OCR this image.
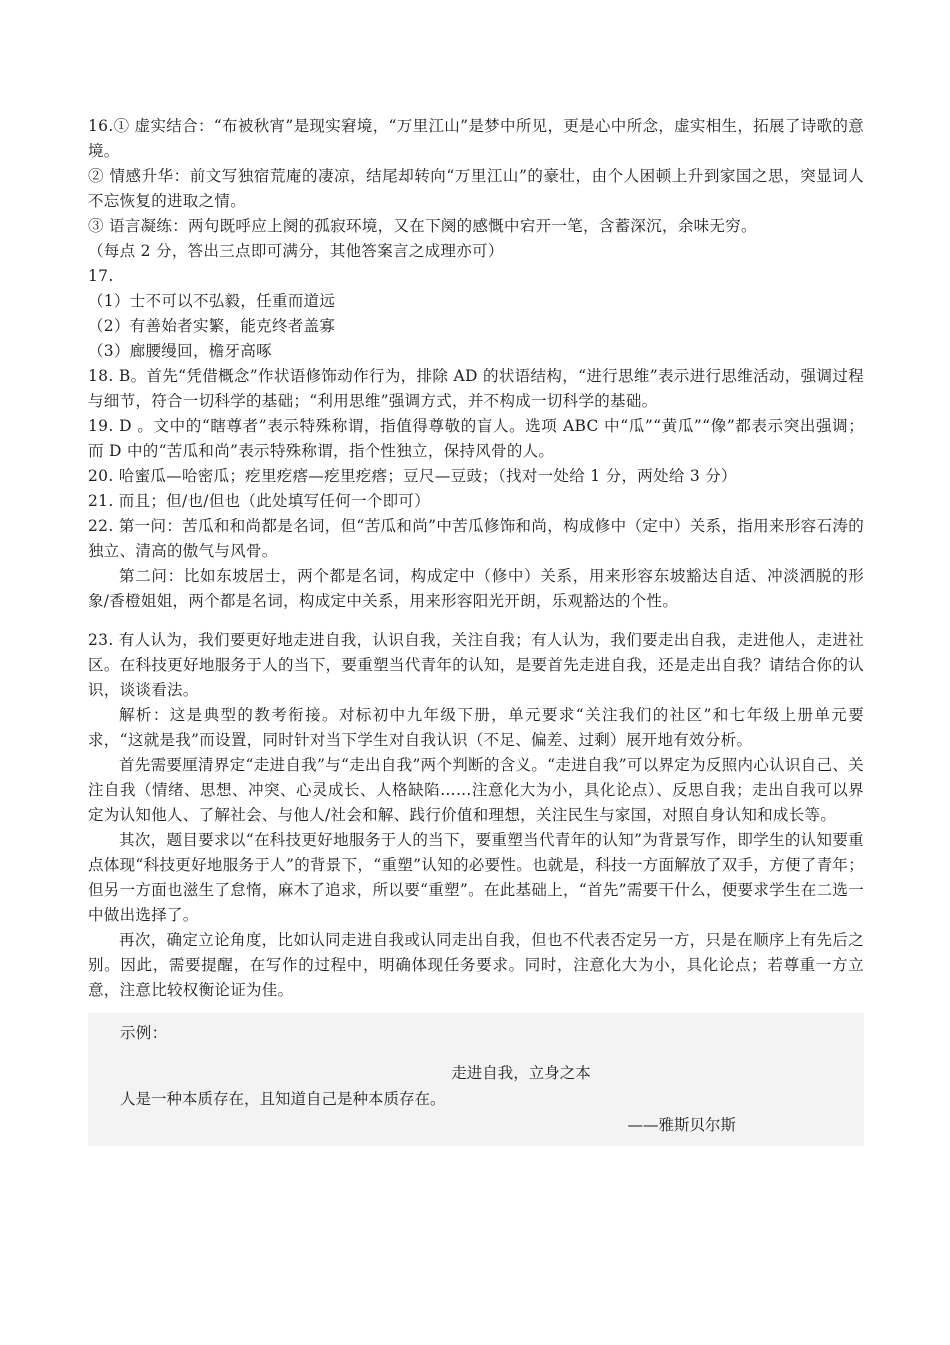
16.① 虚实结合：“布被秋宵”是现实窘境，“万里江山”是梦中所见，更是心中所念，虚实相生，拓展了诗歌的意境。

② 情感升华：前文写独宿荒庵的凄凉，结尾却转向“万里江山”的豪壮，由个人困顿上升到家国之思，突显词人不忘恢复的进取之情。

③ 语言凝练：两句既呼应上阕的孤寂环境，又在下阕的感慨中宕开一笔，含蓄深沉，余味无穷。

（每点 2 分，答出三点即可满分，其他答案言之成理亦可）

17.

（1）士不可以不弘毅，任重而道远

（2）有善始者实繁，能克终者盖寡

（3）廊腰缦回，檐牙高啄

18. B。首先“凭借概念”作状语修饰动作行为，排除 AD 的状语结构，“进行思维”表示进行思维活动，强调过程与细节，符合一切科学的基础；“利用思维”强调方式，并不构成一切科学的基础。

19. D 。文中的“瞎尊者”表示特殊称谓，指值得尊敬的盲人。选项 ABC 中“瓜”“黄瓜”“像”都表示突出强调；而 D 中的“苦瓜和尚”表示特殊称谓，指个性独立，保持风骨的人。

20. 哈蜜瓜—哈密瓜；疙里疙瘩—疙里疙瘩；豆尺—豆豉；（找对一处给 1 分，两处给 3 分）

21. 而且；但/也/但也（此处填写任何一个即可）

22. 第一问：苦瓜和和尚都是名词，但“苦瓜和尚”中苦瓜修饰和尚，构成修中（定中）关系，指用来形容石涛的独立、清高的傲气与风骨。

第二问：比如东坡居士，两个都是名词，构成定中（修中）关系，用来形容东坡豁达自适、冲淡洒脱的形象/香橙姐姐，两个都是名词，构成定中关系，用来形容阳光开朗，乐观豁达的个性。

23. 有人认为，我们要更好地走进自我，认识自我，关注自我；有人认为，我们要走出自我，走进他人，走进社区。在科技更好地服务于人的当下，要重塑当代青年的认知，是要首先走进自我，还是走出自我？请结合你的认识，谈谈看法。

解析：这是典型的教考衔接。对标初中九年级下册，单元要求“关注我们的社区”和七年级上册单元要求，“这就是我”而设置，同时针对当下学生对自我认识（不足、偏差、过剩）展开地有效分析。

首先需要厘清界定“走进自我”与“走出自我”两个判断的含义。“走进自我”可以界定为反照内心认识自己、关注自我（情绪、思想、冲突、心灵成长、人格缺陷……注意化大为小，具化论点）、反思自我；走出自我可以界定为认知他人、了解社会、与他人/社会和解、践行价值和理想，关注民生与家国，对照自身认知和成长等。

其次，题目要求以“在科技更好地服务于人的当下，要重塑当代青年的认知”为背景写作，即学生的认知要重点体现“科技更好地服务于人”的背景下，“重塑”认知的必要性。也就是，科技一方面解放了双手，方便了青年；但另一方面也滋生了怠惰，麻木了追求，所以要“重塑”。在此基础上，“首先”需要干什么，便要求学生在二选一中做出选择了。

再次，确定立论角度，比如认同走进自我或认同走出自我，但也不代表否定另一方，只是在顺序上有先后之别。因此，需要提醒，在写作的过程中，明确体现任务要求。同时，注意化大为小，具化论点；若尊重一方立意，注意比较权衡论证为佳。

示例：

走进自我，立身之本
人是一种本质存在，且知道自己是种本质存在。
——雅斯贝尔斯
